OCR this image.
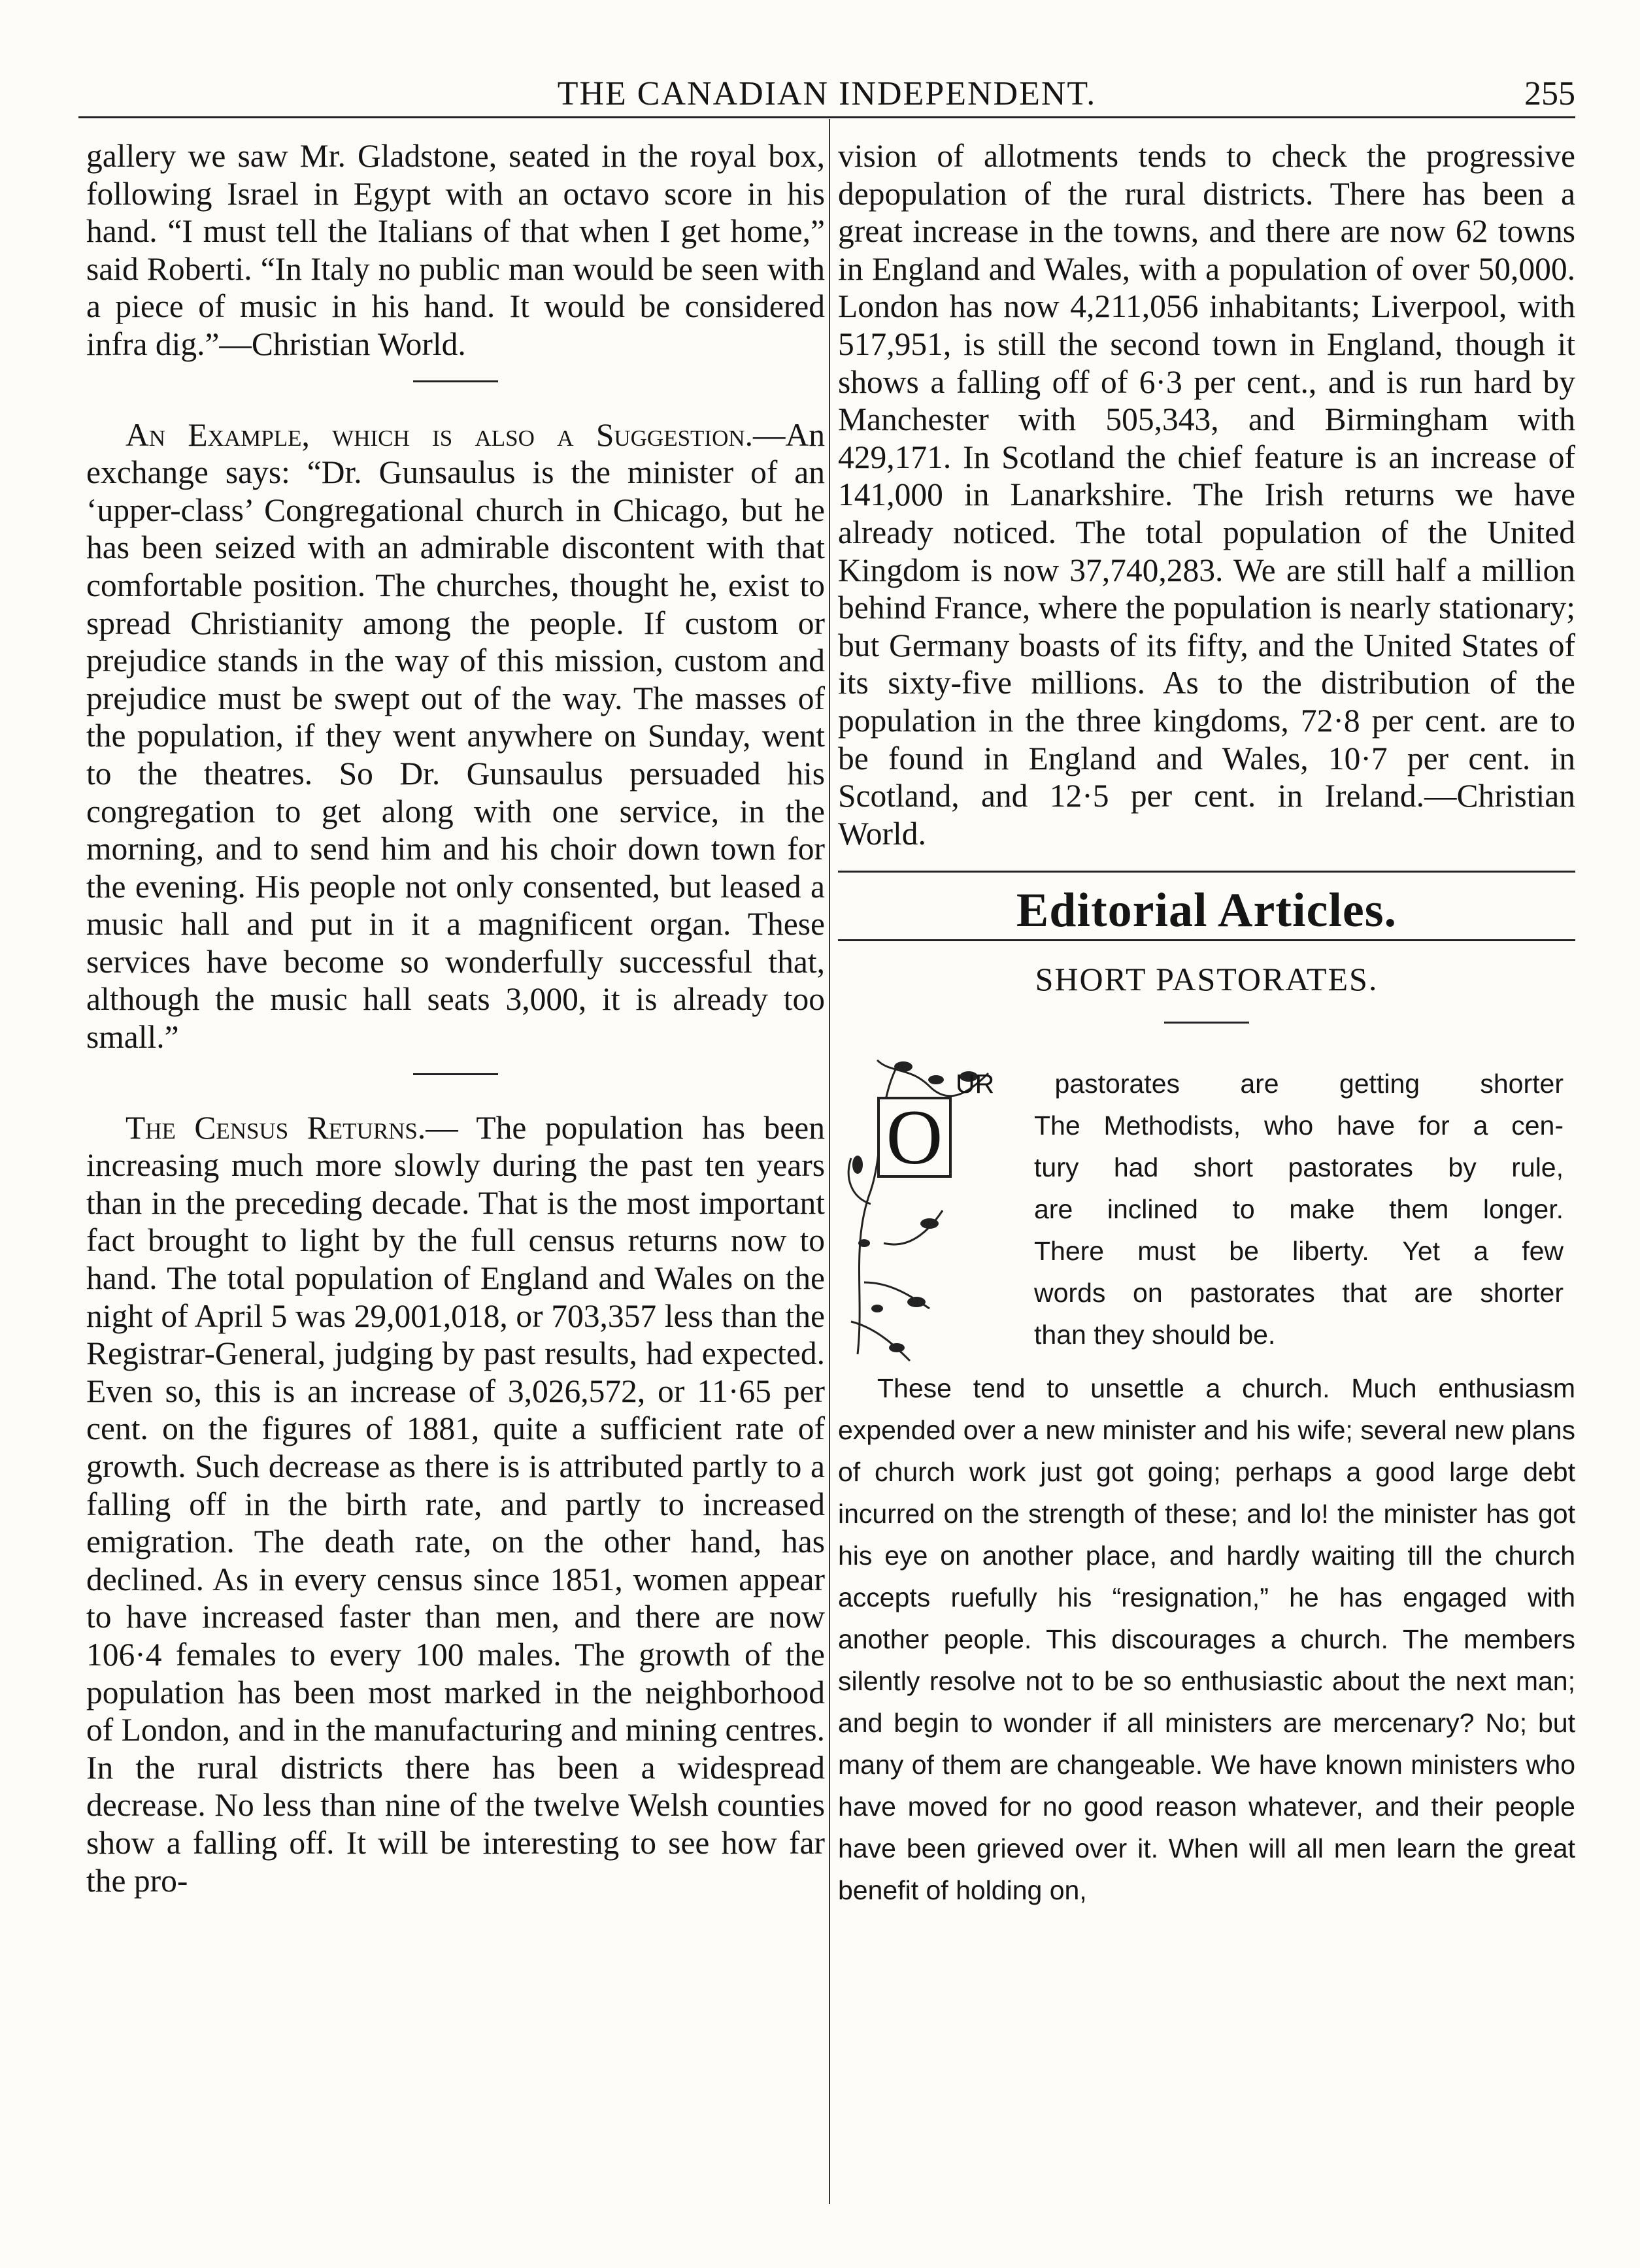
THE CANADIAN INDEPENDENT.	255

gallery we saw Mr. Gladstone, seated in the royal box, following Israel in Egypt with an octavo score in his hand. “I must tell the Italians of that when I get home,” said Roberti. “In Italy no public man would be seen with a piece of music in his hand. It would be considered infra dig.”—Christian World.

An Example, which is also a Suggestion.—An exchange says: “Dr. Gunsaulus is the minister of an ‘upper-class’ Congregational church in Chicago, but he has been seized with an admirable discontent with that comfortable position. The churches, thought he, exist to spread Christianity among the people. If custom or prejudice stands in the way of this mission, custom and prejudice must be swept out of the way. The masses of the population, if they went anywhere on Sunday, went to the theatres. So Dr. Gunsaulus persuaded his congregation to get along with one service, in the morning, and to send him and his choir down town for the evening. His people not only consented, but leased a music hall and put in it a magnificent organ. These services have become so wonderfully successful that, although the music hall seats 3,000, it is already too small.”

The Census Returns.— The population has been increasing much more slowly during the past ten years than in the preceding decade. That is the most important fact brought to light by the full census returns now to hand. The total population of England and Wales on the night of April 5 was 29,001,018, or 703,357 less than the Registrar-General, judging by past results, had expected. Even so, this is an increase of 3,026,572, or 11·65 per cent. on the figures of 1881, quite a sufficient rate of growth. Such decrease as there is is attributed partly to a falling off in the birth rate, and partly to increased emigration. The death rate, on the other hand, has declined. As in every census since 1851, women appear to have increased faster than men, and there are now 106·4 females to every 100 males. The growth of the population has been most marked in the neighborhood of London, and in the manufacturing and mining centres. In the rural districts there has been a widespread decrease. No less than nine of the twelve Welsh counties show a falling off. It will be interesting to see how far the pro-

vision of allotments tends to check the progressive depopulation of the rural districts. There has been a great increase in the towns, and there are now 62 towns in England and Wales, with a population of over 50,000. London has now 4,211,056 inhabitants; Liverpool, with 517,951, is still the second town in England, though it shows a falling off of 6·3 per cent., and is run hard by Manchester with 505,343, and Birmingham with 429,171. In Scotland the chief feature is an increase of 141,000 in Lanarkshire. The Irish returns we have already noticed. The total population of the United Kingdom is now 37,740,283. We are still half a million behind France, where the population is nearly stationary; but Germany boasts of its fifty, and the United States of its sixty-five millions. As to the distribution of the population in the three kingdoms, 72·8 per cent. are to be found in England and Wales, 10·7 per cent. in Scotland, and 12·5 per cent. in Ireland.—Christian World.

Editorial Articles.
SHORT PASTORATES.
O
UR pastorates are getting shorter
The Methodists, who have for a cen-
tury had short pastorates by rule,
are inclined to make them longer.
There must be liberty. Yet a few
words on pastorates that are shorter
than they should be.

These tend to unsettle a church. Much enthusiasm expended over a new minister and his wife; several new plans of church work just got going; perhaps a good large debt incurred on the strength of these; and lo! the minister has got his eye on another place, and hardly waiting till the church accepts ruefully his “resignation,” he has engaged with another people. This discourages a church. The members silently resolve not to be so enthusiastic about the next man; and begin to wonder if all ministers are mercenary? No; but many of them are changeable. We have known ministers who have moved for no good reason whatever, and their people have been grieved over it. When will all men learn the great benefit of holding on,
